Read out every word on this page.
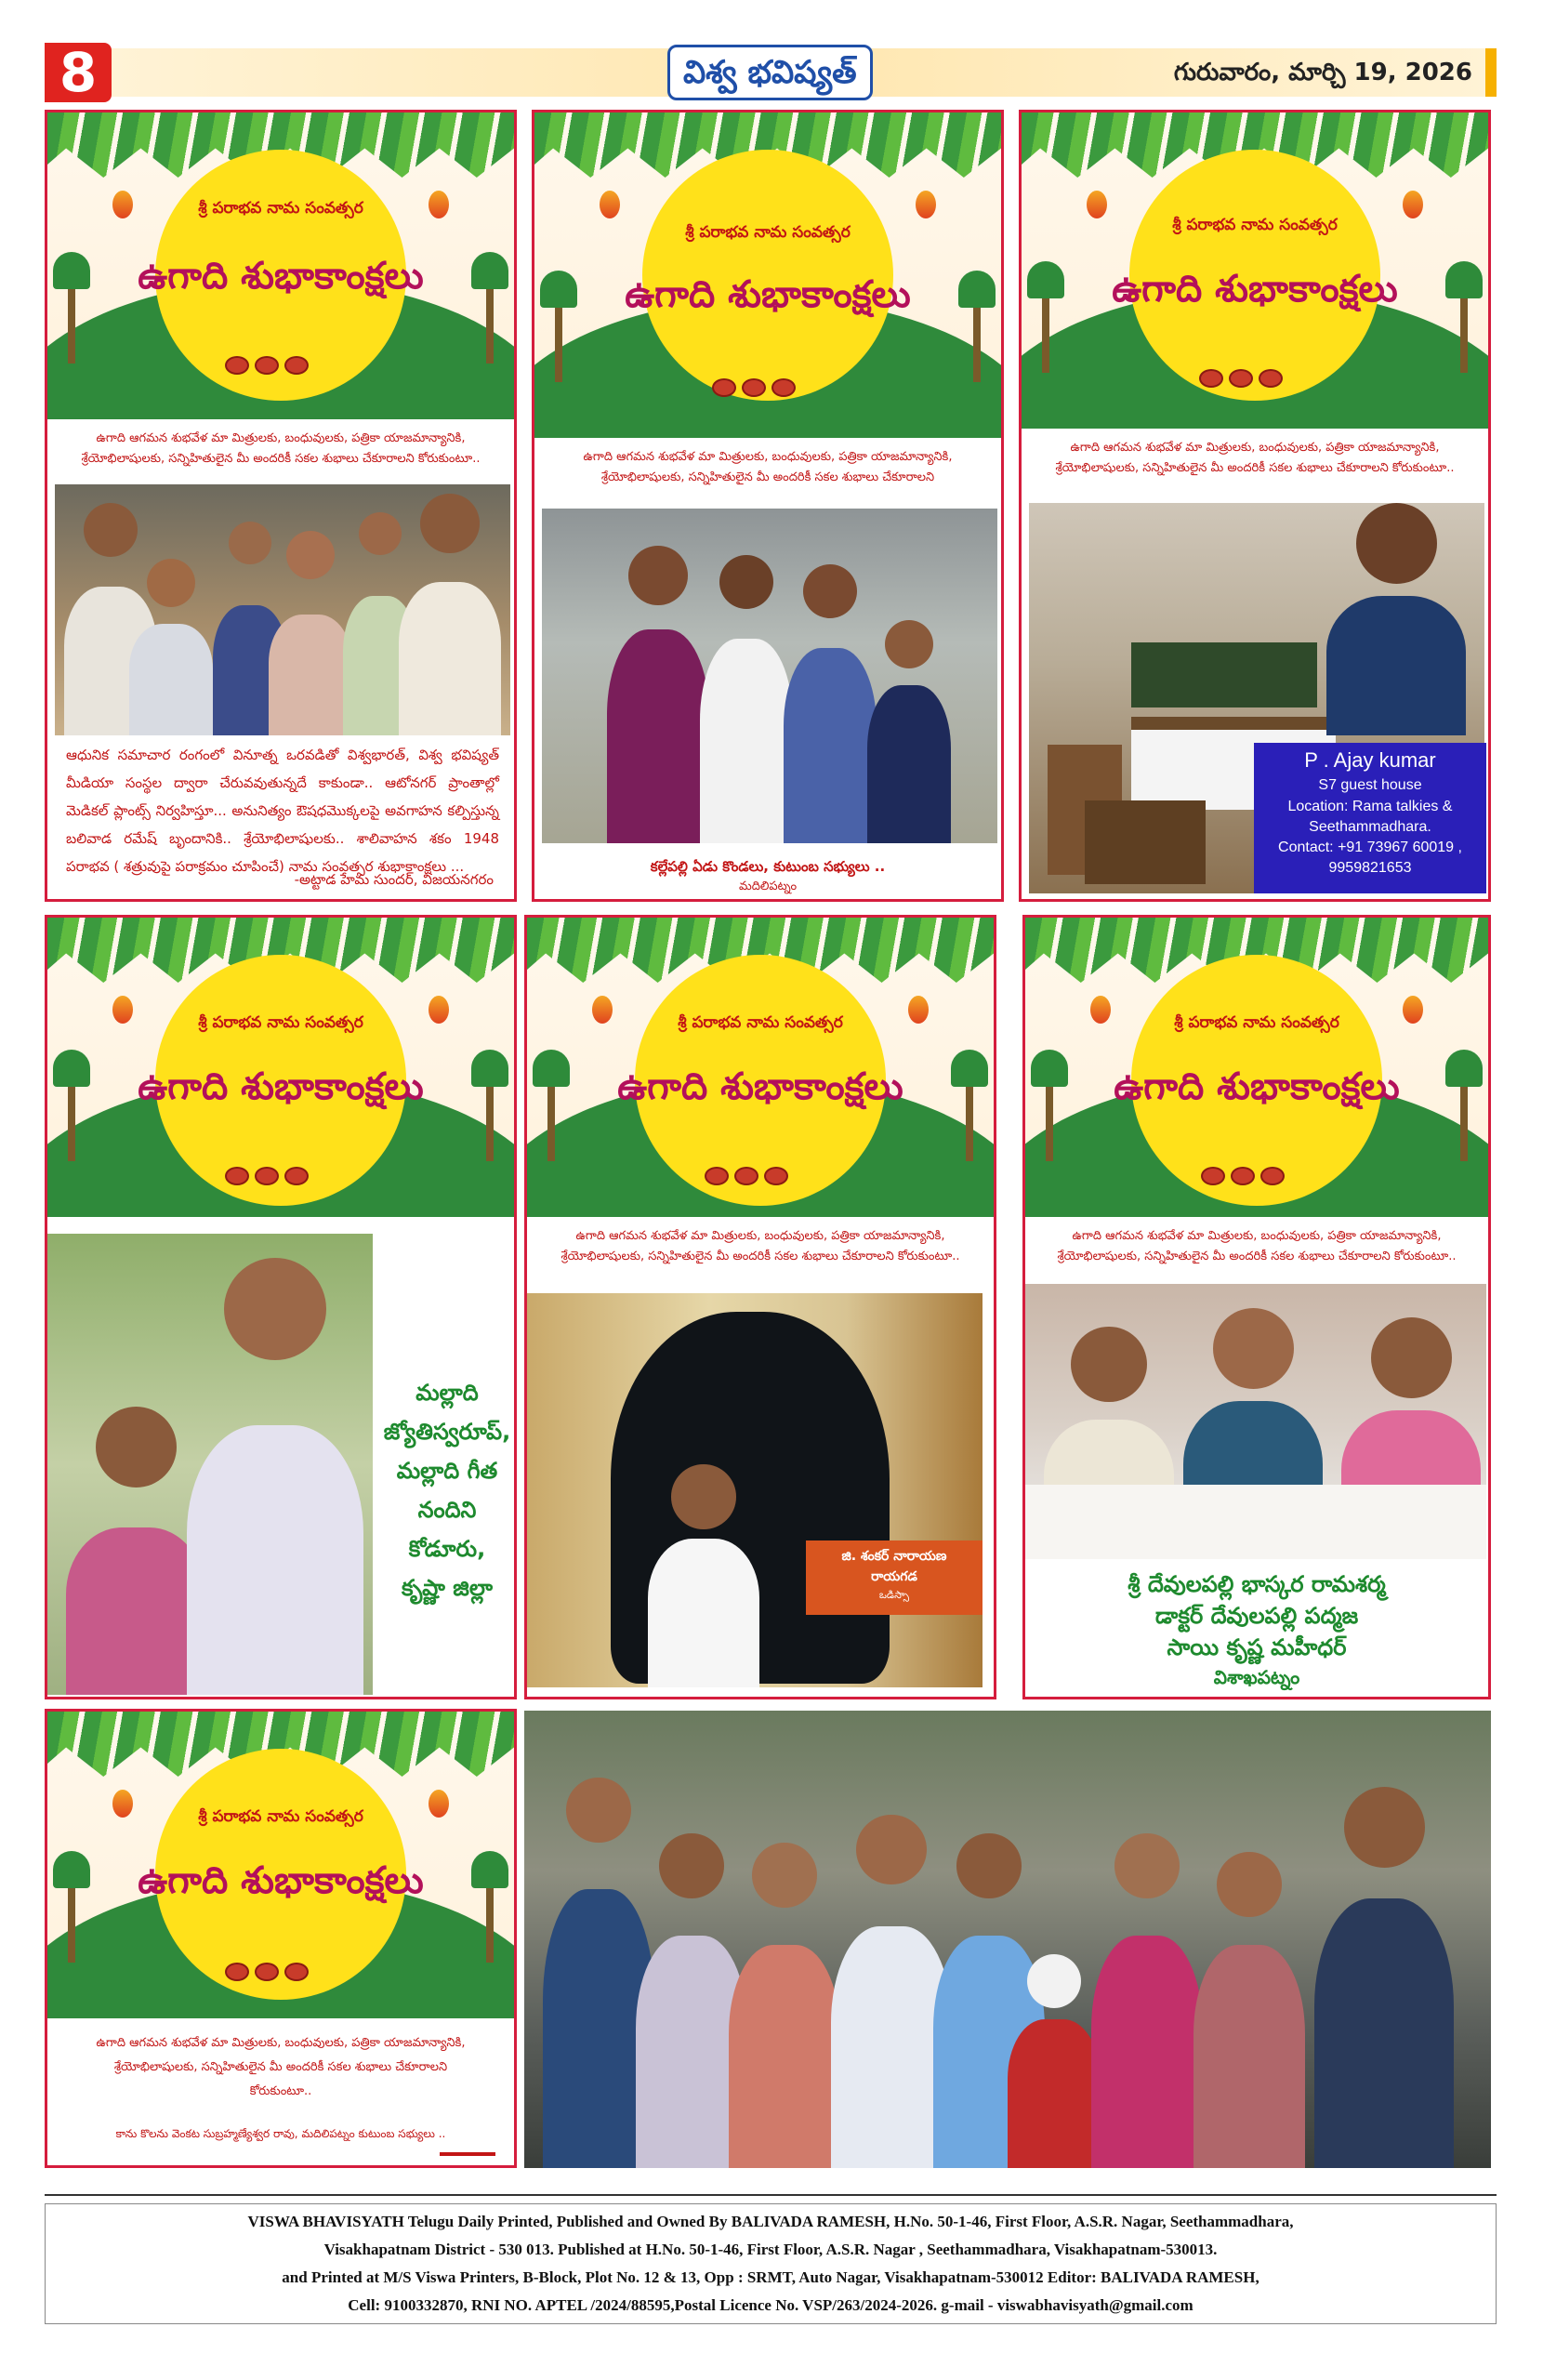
8	విశ్వ భవిష్యత్	గురువారం, మార్చి 19, 2026
శ్రీ పరాభవ నామ సంవత్సర
ఉగాది శుభాకాంక్షలు
ఉగాది ఆగమన శుభవేళ మా మిత్రులకు, బంధువులకు, పత్రికా యాజమాన్యానికి, శ్రేయోభిలాషులకు, సన్నిహితులైన మీ అందరికీ సకల శుభాలు చేకూరాలని కోరుకుంటూ..
ఆధునిక సమాచార రంగంలో వినూత్న ఒరవడితో విశ్వభారత్, విశ్వ భవిష్యత్ మీడియా సంస్థల ద్వారా చేరువవుతున్నదే కాకుండా.. ఆటోనగర్ ప్రాంతాల్లో మెడికల్ ప్లాంట్స్ నిర్వహిస్తూ... అనునిత్యం ఔషధమొక్కలపై అవగాహన కల్పిస్తున్న బలివాడ రమేష్ బృందానికి.. శ్రేయోభిలాషులకు.. శాలివాహన శకం 1948 పరాభవ ( శత్రువుపై పరాక్రమం చూపించే) నామ సంవత్సర శుభాకాంక్షలు ...
-అట్టాడ హేమ సుందర్, విజయనగరం
శ్రీ పరాభవ నామ సంవత్సర
ఉగాది శుభాకాంక్షలు
ఉగాది ఆగమన శుభవేళ మా మిత్రులకు, బంధువులకు, పత్రికా యాజమాన్యానికి, శ్రేయోభిలాషులకు, సన్నిహితులైన మీ అందరికీ సకల శుభాలు చేకూరాలని
కల్లేపల్లి ఏడు కొండలు, కుటుంబ సభ్యులు ..
మదిలిపట్నం
శ్రీ పరాభవ నామ సంవత్సర
ఉగాది శుభాకాంక్షలు
ఉగాది ఆగమన శుభవేళ మా మిత్రులకు, బంధువులకు, పత్రికా యాజమాన్యానికి, శ్రేయోభిలాషులకు, సన్నిహితులైన మీ అందరికీ సకల శుభాలు చేకూరాలని కోరుకుంటూ..
P . Ajay kumar
S7 guest house
Location: Rama talkies & Seethammadhara.
Contact: +91 73967 60019 , 9959821653
శ్రీ పరాభవ నామ సంవత్సర
ఉగాది శుభాకాంక్షలు
మల్లాది
జ్యోతిస్వరూప్,
మల్లాది గీత
నందిని
కోడూరు,
కృష్ణా జిల్లా
శ్రీ పరాభవ నామ సంవత్సర
ఉగాది శుభాకాంక్షలు
ఉగాది ఆగమన శుభవేళ మా మిత్రులకు, బంధువులకు, పత్రికా యాజమాన్యానికి, శ్రేయోభిలాషులకు, సన్నిహితులైన మీ అందరికీ సకల శుభాలు చేకూరాలని కోరుకుంటూ..
జి. శంకర్ నారాయణ
రాయగడ
ఒడిస్సా
శ్రీ పరాభవ నామ సంవత్సర
ఉగాది శుభాకాంక్షలు
ఉగాది ఆగమన శుభవేళ మా మిత్రులకు, బంధువులకు, పత్రికా యాజమాన్యానికి, శ్రేయోభిలాషులకు, సన్నిహితులైన మీ అందరికీ సకల శుభాలు చేకూరాలని కోరుకుంటూ..
శ్రీ దేవులపల్లి భాస్కర రామశర్మ
డాక్టర్ దేవులపల్లి పద్మజ
సాయి కృష్ణ మహీధర్
విశాఖపట్నం
శ్రీ పరాభవ నామ సంవత్సర
ఉగాది శుభాకాంక్షలు
ఉగాది ఆగమన శుభవేళ మా మిత్రులకు, బంధువులకు, పత్రికా యాజమాన్యానికి, శ్రేయోభిలాషులకు, సన్నిహితులైన మీ అందరికీ సకల శుభాలు చేకూరాలని కోరుకుంటూ..
కాను కొలను వెంకట సుబ్రహ్మణ్యేశ్వర రావు, మదిలిపట్నం కుటుంబ సభ్యులు ..
VISWA BHAVISYATH Telugu Daily Printed, Published and Owned By BALIVADA RAMESH, H.No. 50-1-46, First Floor, A.S.R. Nagar, Seethammadhara,
Visakhapatnam District - 530 013. Published at H.No. 50-1-46, First Floor, A.S.R. Nagar , Seethammadhara, Visakhapatnam-530013.
and Printed at M/S Viswa Printers, B-Block, Plot No. 12 & 13, Opp : SRMT, Auto Nagar, Visakhapatnam-530012 Editor: BALIVADA RAMESH,
Cell: 9100332870, RNI NO. APTEL /2024/88595,Postal Licence No. VSP/263/2024-2026. g-mail - viswabhavisyath@gmail.com
